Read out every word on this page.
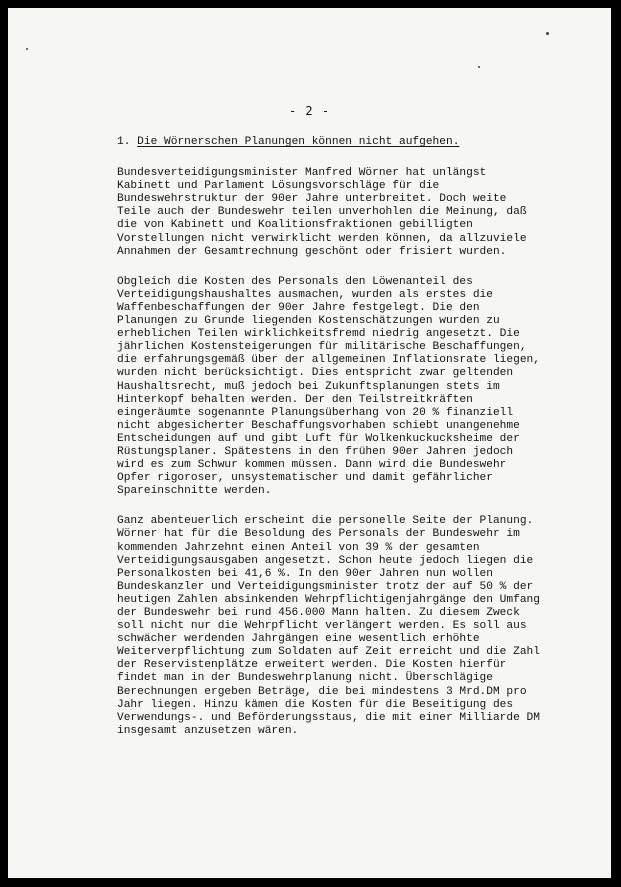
- 2 -
1. Die Wörnerschen Planungen können nicht aufgehen.
Bundesverteidigungsminister Manfred Wörner hat unlängst
Kabinett und Parlament Lösungsvorschläge für die
Bundeswehrstruktur der 90er Jahre unterbreitet. Doch weite
Teile auch der Bundeswehr teilen unverhohlen die Meinung, daß
die von Kabinett und Koalitionsfraktionen gebilligten
Vorstellungen nicht verwirklicht werden können, da allzuviele
Annahmen der Gesamtrechnung geschönt oder frisiert wurden.
Obgleich die Kosten des Personals den Löwenanteil des
Verteidigungshaushaltes ausmachen, wurden als erstes die
Waffenbeschaffungen der 90er Jahre festgelegt. Die den
Planungen zu Grunde liegenden Kostenschätzungen wurden zu
erheblichen Teilen wirklichkeitsfremd niedrig angesetzt. Die
jährlichen Kostensteigerungen für militärische Beschaffungen,
die erfahrungsgemäß über der allgemeinen Inflationsrate liegen,
wurden nicht berücksichtigt. Dies entspricht zwar geltenden
Haushaltsrecht, muß jedoch bei Zukunftsplanungen stets im
Hinterkopf behalten werden. Der den Teilstreitkräften
eingeräumte sogenannte Planungsüberhang von 20 % finanziell
nicht abgesicherter Beschaffungsvorhaben schiebt unangenehme
Entscheidungen auf und gibt Luft für Wolkenkuckucksheime der
Rüstungsplaner. Spätestens in den frühen 90er Jahren jedoch
wird es zum Schwur kommen müssen. Dann wird die Bundeswehr
Opfer rigoroser, unsystematischer und damit gefährlicher
Spareinschnitte werden.
Ganz abenteuerlich erscheint die personelle Seite der Planung.
Wörner hat für die Besoldung des Personals der Bundeswehr im
kommenden Jahrzehnt einen Anteil von 39 % der gesamten
Verteidigungsausgaben angesetzt. Schon heute jedoch liegen die
Personalkosten bei 41,6 %. In den 90er Jahren nun wollen
Bundeskanzler und Verteidigungsminister trotz der auf 50 % der
heutigen Zahlen absinkenden Wehrpflichtigenjahrgänge den Umfang
der Bundeswehr bei rund 456.000 Mann halten. Zu diesem Zweck
soll nicht nur die Wehrpflicht verlängert werden. Es soll aus
schwächer werdenden Jahrgängen eine wesentlich erhöhte
Weiterverpflichtung zum Soldaten auf Zeit erreicht und die Zahl
der Reservistenplätze erweitert werden. Die Kosten hierfür
findet man in der Bundeswehrplanung nicht. Überschlägige
Berechnungen ergeben Beträge, die bei mindestens 3 Mrd.DM pro
Jahr liegen. Hinzu kämen die Kosten für die Beseitigung des
Verwendungs-. und Beförderungsstaus, die mit einer Milliarde DM
insgesamt anzusetzen wären.
